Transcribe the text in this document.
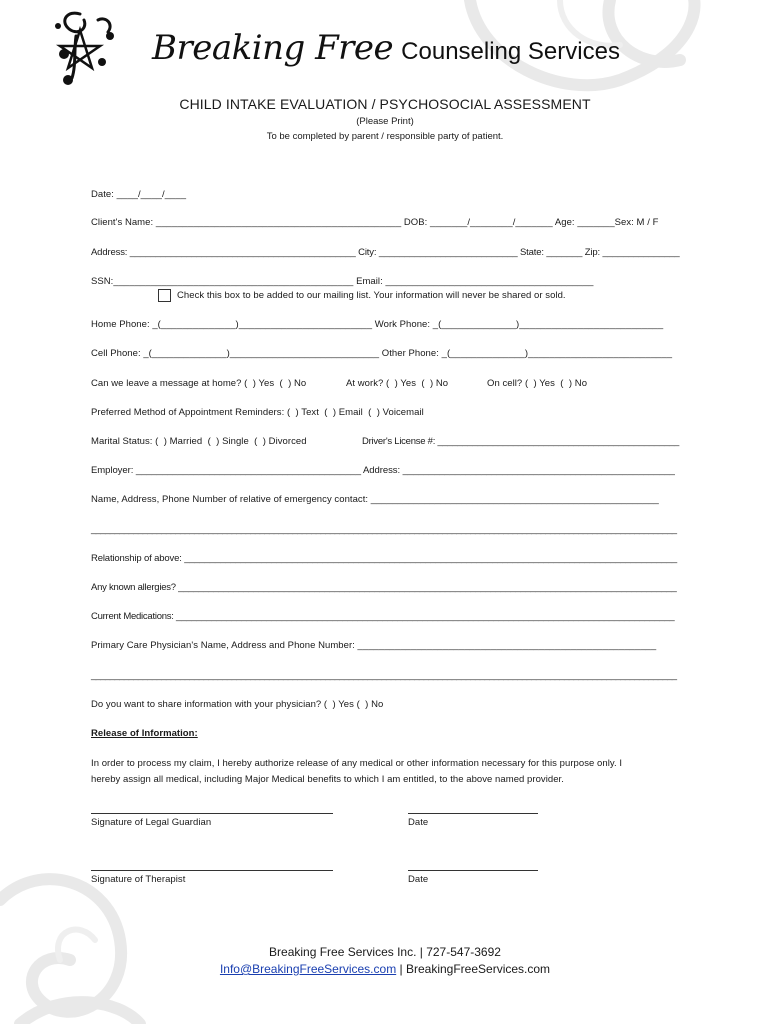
Breaking Free Counseling Services
CHILD INTAKE EVALUATION / PSYCHOSOCIAL ASSESSMENT
(Please Print)
To be completed by parent / responsible party of patient.
Date: ____/____/____
Client's Name: ______________________________________________ DOB: _______/________/_______ Age: _______Sex: M / F
Address: ____________________________________________ City: ___________________________ State: _______ Zip: _______________
SSN:_____________________________________________ Email: _______________________________________
Check this box to be added to our mailing list. Your information will never be shared or sold.
Home Phone: _(______________)_________________________ Work Phone: _(______________)___________________________
Cell Phone: _(______________)____________________________ Other Phone: _(______________)___________________________
Can we leave a message at home? (  ) Yes  (  ) No	At work? (  ) Yes  (  ) No	On cell? (  ) Yes  (  ) No
Preferred Method of Appointment Reminders: (  ) Text  (  ) Email  (  ) Voicemail
Marital Status: (  ) Married  (  ) Single  (  ) Divorced	Driver's License #: ________________________________________________
Employer: ___________________________________________ Address: ____________________________________________________
Name, Address, Phone Number of relative of emergency contact: ______________________________________________________
_____________________________________________________________________________________________________________________________
Relationship of above: ________________________________________________________________________________________________
Any known allergies? ___________________________________________________________________________________________________
Current Medications: ___________________________________________________________________________________________________
Primary Care Physician's Name, Address and Phone Number: ________________________________________________________
_____________________________________________________________________________________________________________________________
Do you want to share information with your physician? (  ) Yes (  ) No
Release of Information:
In order to process my claim, I hereby authorize release of any medical or other information necessary for this purpose only. I
hereby assign all medical, including Major Medical benefits to which I am entitled, to the above named provider.
Signature of Legal Guardian	Date
Signature of Therapist	Date
Breaking Free Services Inc. | 727-547-3692
Info@BreakingFreeServices.com | BreakingFreeServices.com
